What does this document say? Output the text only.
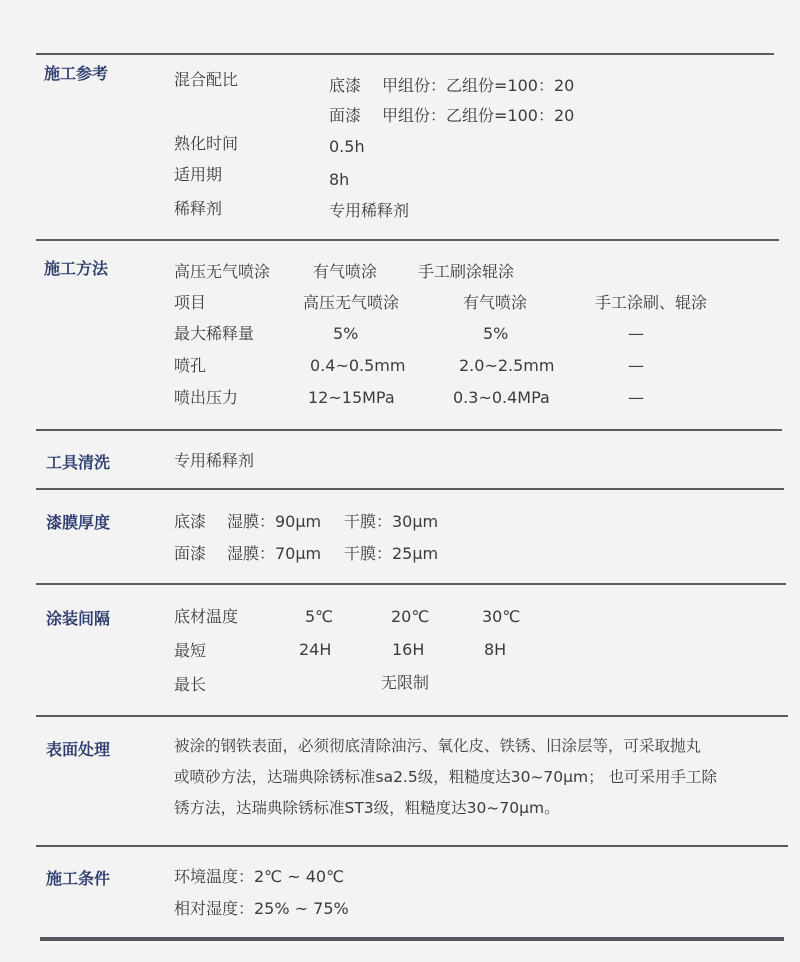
施工参考	混合配比	底漆 甲组份：乙组份=100：20
面漆 甲组份：乙组份=100：20
熟化时间	0.5h
适用期	8h
稀释剂	专用稀释剂
施工方法	高压无气喷涂	有气喷涂	手工刷涂辊涂
项目	高压无气喷涂	有气喷涂	手工涂刷、辊涂
最大稀释量	5%	5%	—
喷孔	0.4~0.5mm	2.0~2.5mm	—
喷出压力	12~15MPa	0.3~0.4MPa	—
工具清洗	专用稀释剂
漆膜厚度	底漆 湿膜：90μm 干膜：30μm
面漆 湿膜：70μm 干膜：25μm
涂装间隔	底材温度	5℃	20℃	30℃
最短	24H	16H	8H
最长	无限制
表面处理	被涂的钢铁表面，必须彻底清除油污、氧化皮、铁锈、旧涂层等，可采取抛丸
或喷砂方法，达瑞典除锈标准sa2.5级，粗糙度达30~70μm； 也可采用手工除
锈方法，达瑞典除锈标准ST3级，粗糙度达30~70μm。
施工条件	环境温度：2℃ ~ 40℃
相对湿度：25% ~ 75%
